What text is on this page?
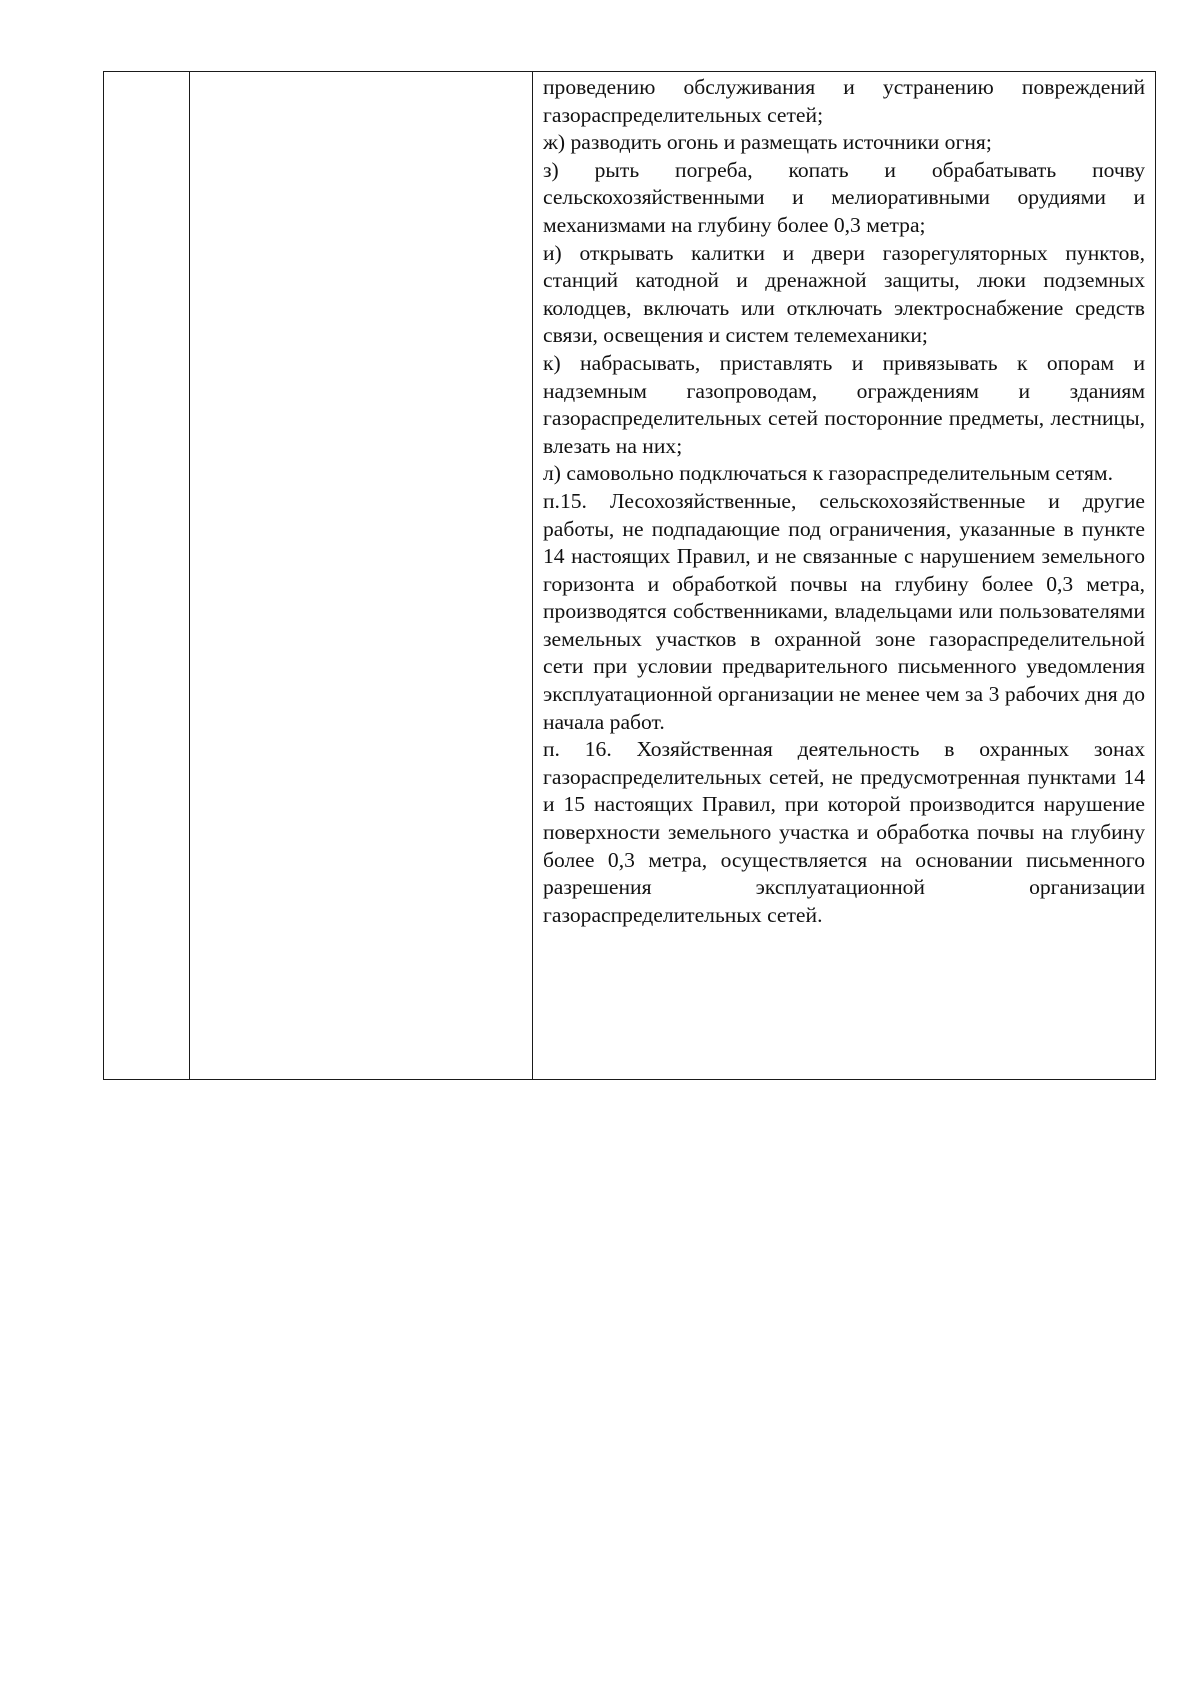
проведению обслуживания и устранению повреждений газораспределительных сетей;

ж) разводить огонь и размещать источники огня;

з) рыть погреба, копать и обрабатывать почву сельскохозяйственными и мелиоративными орудиями и механизмами на глубину более 0,3 метра;

и) открывать калитки и двери газорегуляторных пунктов, станций катодной и дренажной защиты, люки подземных колодцев, включать или отключать электроснабжение средств связи, освещения и систем телемеханики;

к) набрасывать, приставлять и привязывать к опорам и надземным газопроводам, ограждениям и зданиям газораспределительных сетей посторонние предметы, лестницы, влезать на них;

л) самовольно подключаться к газораспределительным сетям.

п.15. Лесохозяйственные, сельскохозяйственные и другие работы, не подпадающие под ограничения, указанные в пункте 14 настоящих Правил, и не связанные с нарушением земельного горизонта и обработкой почвы на глубину более 0,3 метра, производятся собственниками, владельцами или пользователями земельных участков в охранной зоне газораспределительной сети при условии предварительного письменного уведомления эксплуатационной организации не менее чем за 3 рабочих дня до начала работ.

п. 16. Хозяйственная деятельность в охранных зонах газораспределительных сетей, не предусмотренная пунктами 14 и 15 настоящих Правил, при которой производится нарушение поверхности земельного участка и обработка почвы на глубину более 0,3 метра, осуществляется на основании письменного разрешения эксплуатационной организации газораспределительных сетей.
